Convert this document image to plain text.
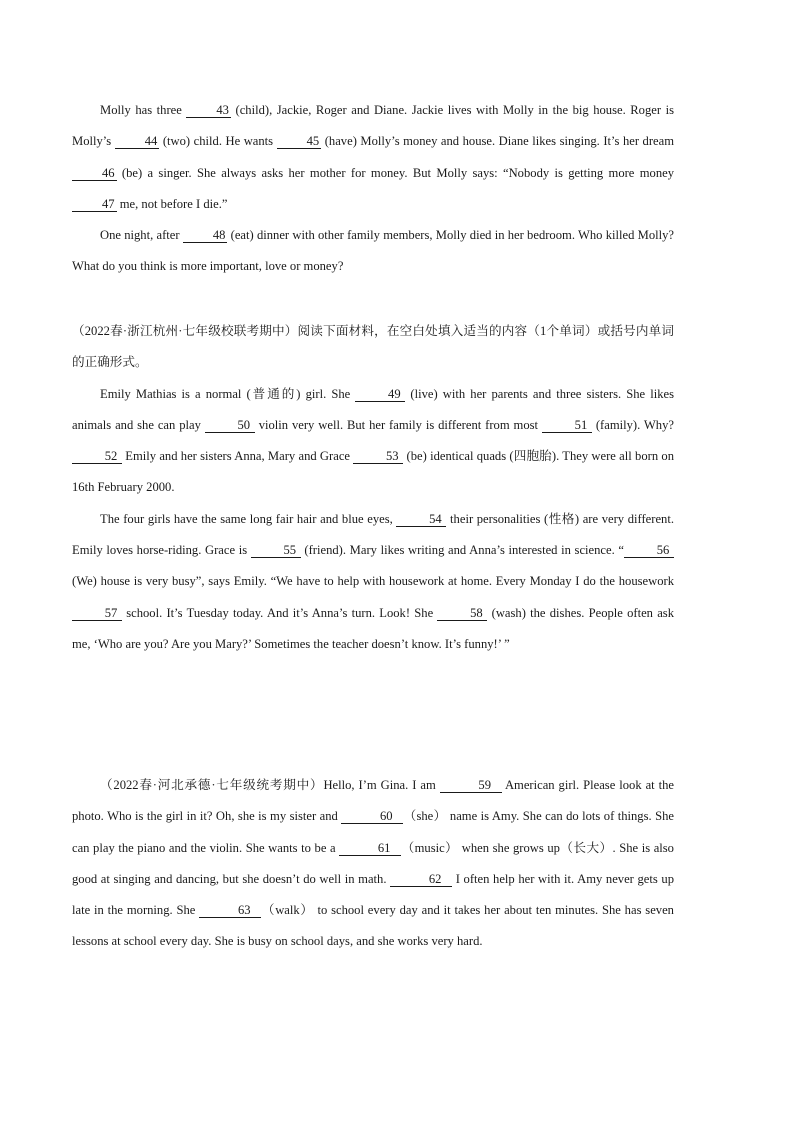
Molly has three 43 (child), Jackie, Roger and Diane. Jackie lives with Molly in the big house. Roger is Molly’s 44 (two) child. He wants 45 (have) Molly’s money and house. Diane likes singing. It’s her dream 46 (be) a singer. She always asks her mother for money. But Molly says: “Nobody is getting more money 47 me, not before I die.”

One night, after 48 (eat) dinner with other family members, Molly died in her bedroom. Who killed Molly? What do you think is more important, love or money?

（2022春·浙江杭州·七年级校联考期中）阅读下面材料，在空白处填入适当的内容（1个单词）或括号内单词的正确形式。

Emily Mathias is a normal (普通的) girl. She	49 (live) with her parents and three sisters. She likes animals and she can play	50 violin very well. But her family is different from most	51 (family). Why? 52 Emily and her sisters Anna, Mary and Grace	53 (be) identical quads (四胞胎). They were all born on 16th February 2000.

The four girls have the same long fair hair and blue eyes,	54 their personalities (性格) are very different. Emily loves horse-riding. Grace is	55 (friend). Mary likes writing and Anna’s interested in science. “	56 (We) house is very busy”, says Emily. “We have to help with housework at home. Every Monday I do the housework 57 school. It’s Tuesday today. And it’s Anna’s turn. Look! She	58 (wash) the dishes. People often ask me, ‘Who are you? Are you Mary?’ Sometimes the teacher doesn’t know. It’s funny!’ ”

（2022春·河北承德·七年级统考期中）Hello, I’m Gina. I am	59 American girl. Please look at the photo. Who is the girl in it? Oh, she is my sister and	60 （she） name is Amy. She can do lots of things. She can play the piano and the violin. She wants to be a	61 （music） when she grows up（长大）. She is also good at singing and dancing, but she doesn’t do well in math.	62 I often help her with it. Amy never gets up late in the morning. She	63 （walk） to school every day and it takes her about ten minutes. She has seven lessons at school every day. She is busy on school days, and she works very hard.
